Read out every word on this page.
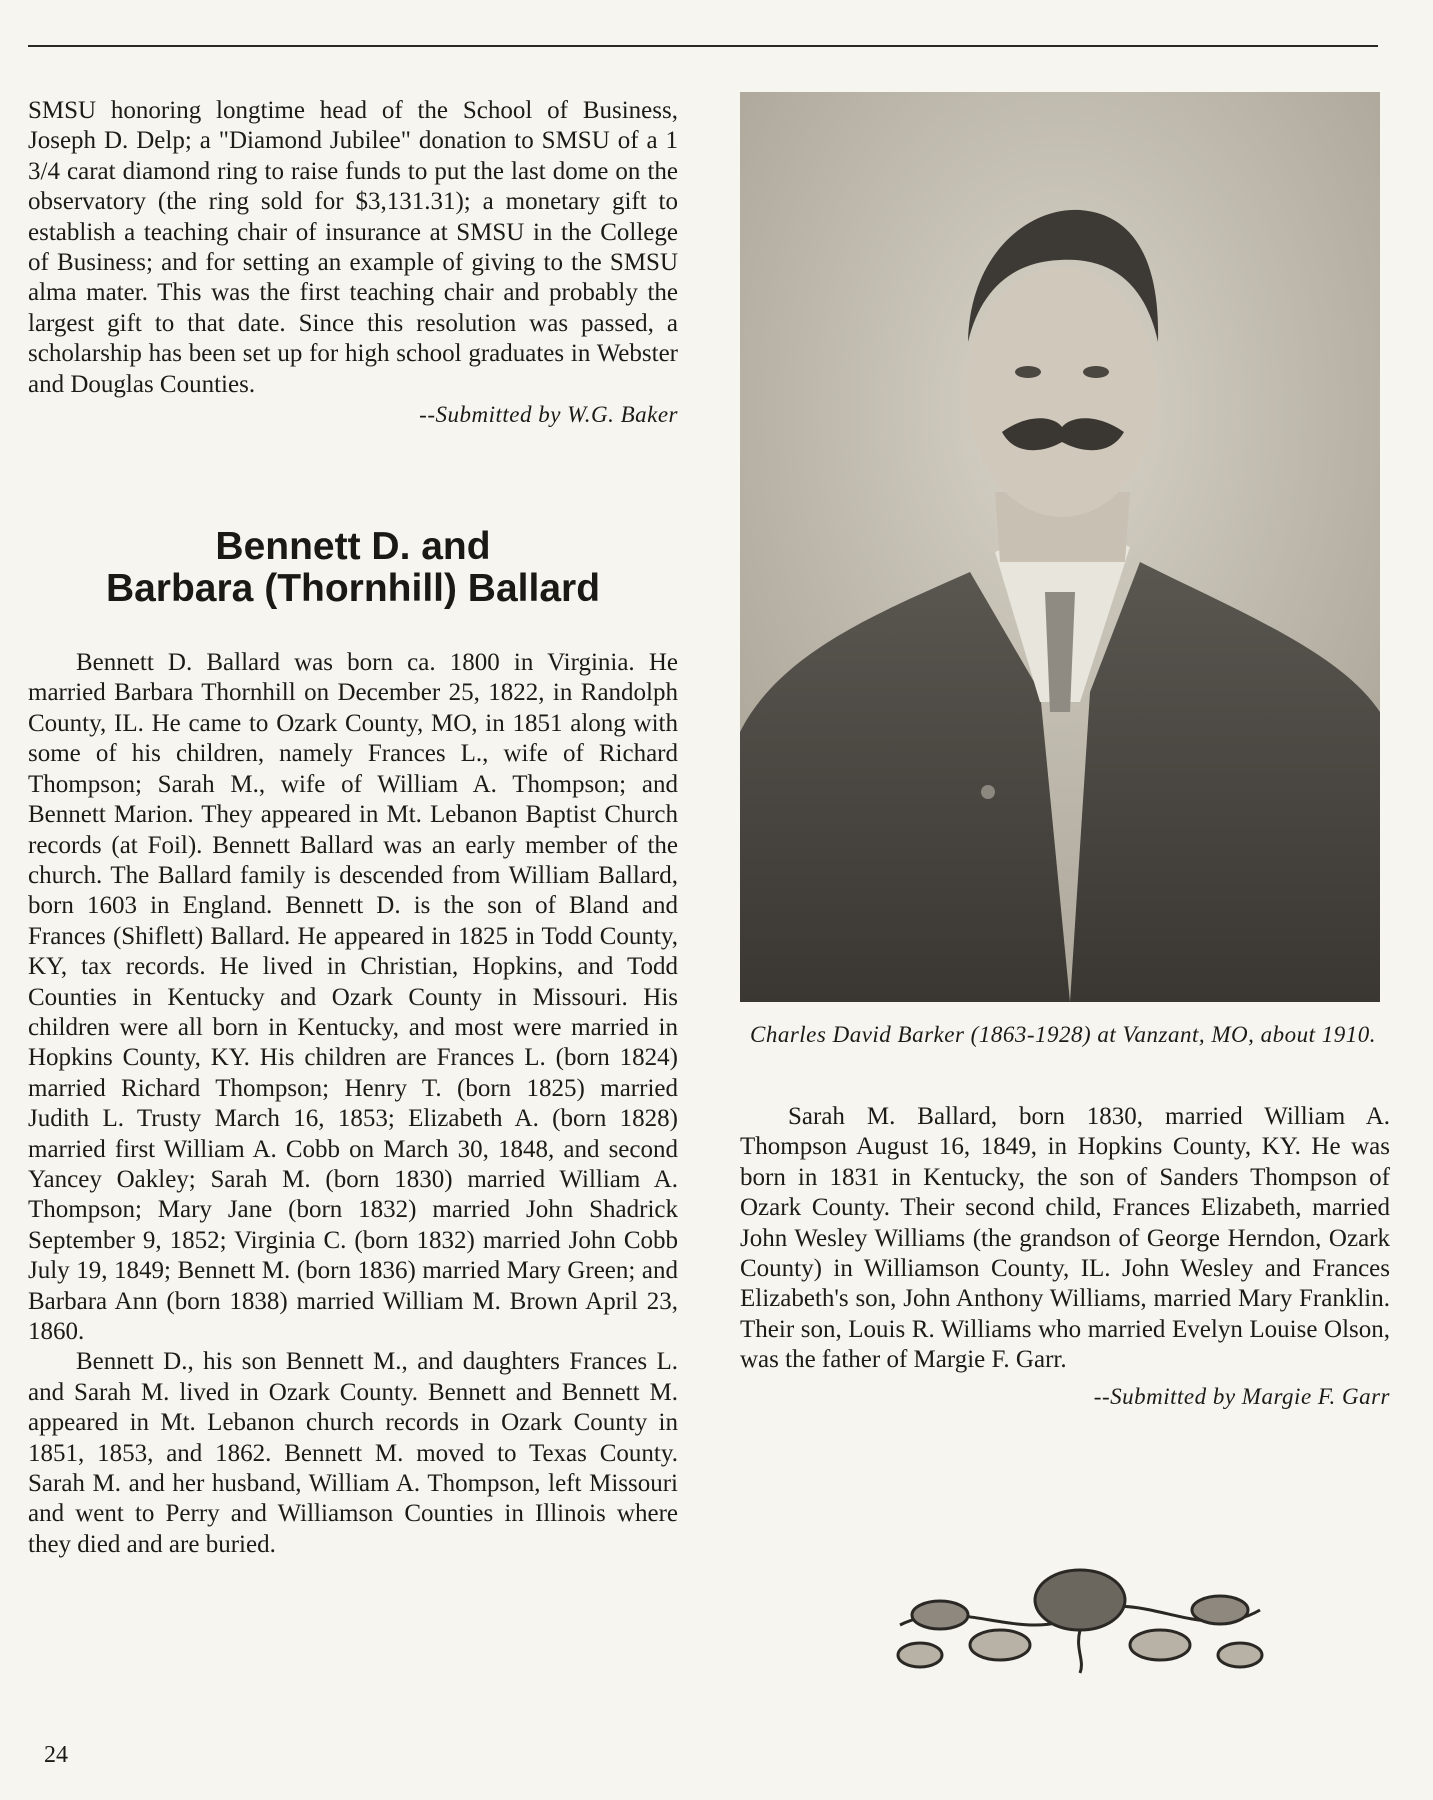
SMSU honoring longtime head of the School of Business, Joseph D. Delp; a "Diamond Jubilee" donation to SMSU of a 1 3/4 carat diamond ring to raise funds to put the last dome on the observatory (the ring sold for $3,131.31); a monetary gift to establish a teaching chair of insurance at SMSU in the College of Business; and for setting an example of giving to the SMSU alma mater. This was the first teaching chair and probably the largest gift to that date. Since this resolution was passed, a scholarship has been set up for high school graduates in Webster and Douglas Counties.

--Submitted by W.G. Baker

Bennett D. and
Barbara (Thornhill) Ballard

Bennett D. Ballard was born ca. 1800 in Virginia. He married Barbara Thornhill on December 25, 1822, in Randolph County, IL. He came to Ozark County, MO, in 1851 along with some of his children, namely Frances L., wife of Richard Thompson; Sarah M., wife of William A. Thompson; and Bennett Marion. They appeared in Mt. Lebanon Baptist Church records (at Foil). Bennett Ballard was an early member of the church. The Ballard family is descended from William Ballard, born 1603 in England. Bennett D. is the son of Bland and Frances (Shiflett) Ballard. He appeared in 1825 in Todd County, KY, tax records. He lived in Christian, Hopkins, and Todd Counties in Kentucky and Ozark County in Missouri. His children were all born in Kentucky, and most were married in Hopkins County, KY. His children are Frances L. (born 1824) married Richard Thompson; Henry T. (born 1825) married Judith L. Trusty March 16, 1853; Elizabeth A. (born 1828) married first William A. Cobb on March 30, 1848, and second Yancey Oakley; Sarah M. (born 1830) married William A. Thompson; Mary Jane (born 1832) married John Shadrick September 9, 1852; Virginia C. (born 1832) married John Cobb July 19, 1849; Bennett M. (born 1836) married Mary Green; and Barbara Ann (born 1838) married William M. Brown April 23, 1860.

Bennett D., his son Bennett M., and daughters Frances L. and Sarah M. lived in Ozark County. Bennett and Bennett M. appeared in Mt. Lebanon church records in Ozark County in 1851, 1853, and 1862. Bennett M. moved to Texas County. Sarah M. and her husband, William A. Thompson, left Missouri and went to Perry and Williamson Counties in Illinois where they died and are buried.

Charles David Barker (1863-1928) at Vanzant, MO, about 1910.

Sarah M. Ballard, born 1830, married William A. Thompson August 16, 1849, in Hopkins County, KY. He was born in 1831 in Kentucky, the son of Sanders Thompson of Ozark County. Their second child, Frances Elizabeth, married John Wesley Williams (the grandson of George Herndon, Ozark County) in Williamson County, IL. John Wesley and Frances Elizabeth's son, John Anthony Williams, married Mary Franklin. Their son, Louis R. Williams who married Evelyn Louise Olson, was the father of Margie F. Garr.

--Submitted by Margie F. Garr

24
